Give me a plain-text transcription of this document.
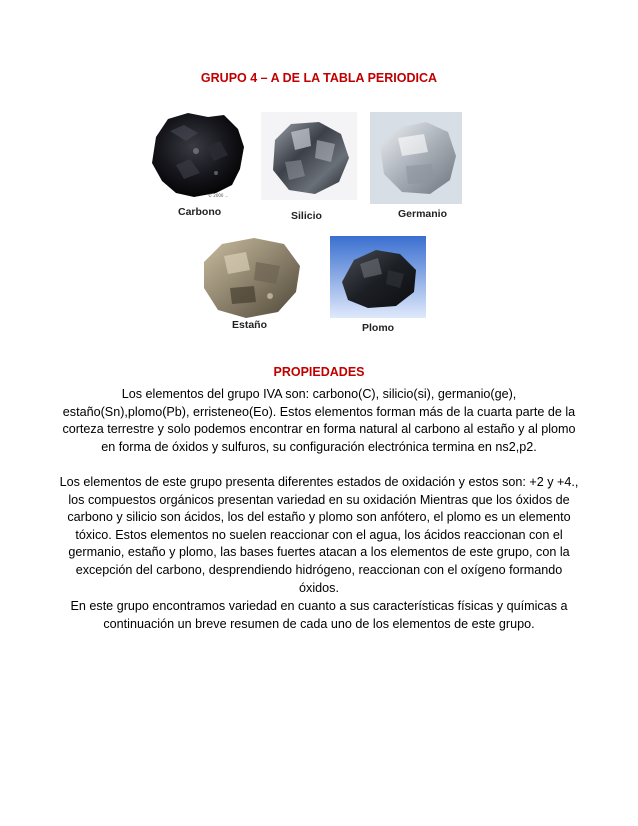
GRUPO 4 – A DE LA TABLA PERIODICA
© 2000 ...
Carbono	Silicio	Germanio
Estaño	Plomo
PROPIEDADES

Los elementos del grupo IVA son: carbono(C), silicio(si), germanio(ge), estaño(Sn),plomo(Pb), erristeneo(Eo). Estos elementos forman más de la cuarta parte de la corteza terrestre y solo podemos encontrar en forma natural al carbono al estaño y al plomo en forma de óxidos y sulfuros, su configuración electrónica termina en ns2,p2.

Los elementos de este grupo presenta diferentes estados de oxidación y estos son: +2 y +4., los compuestos orgánicos presentan variedad en su oxidación Mientras que los óxidos de carbono y silicio son ácidos, los del estaño y plomo son anfótero, el plomo es un elemento tóxico. Estos elementos no suelen reaccionar con el agua, los ácidos reaccionan con el germanio, estaño y plomo, las bases fuertes atacan a los elementos de este grupo, con la excepción del carbono, desprendiendo hidrógeno, reaccionan con el oxígeno formando óxidos.

En este grupo encontramos variedad en cuanto a sus características físicas y químicas a continuación un breve resumen de cada uno de los elementos de este grupo.
